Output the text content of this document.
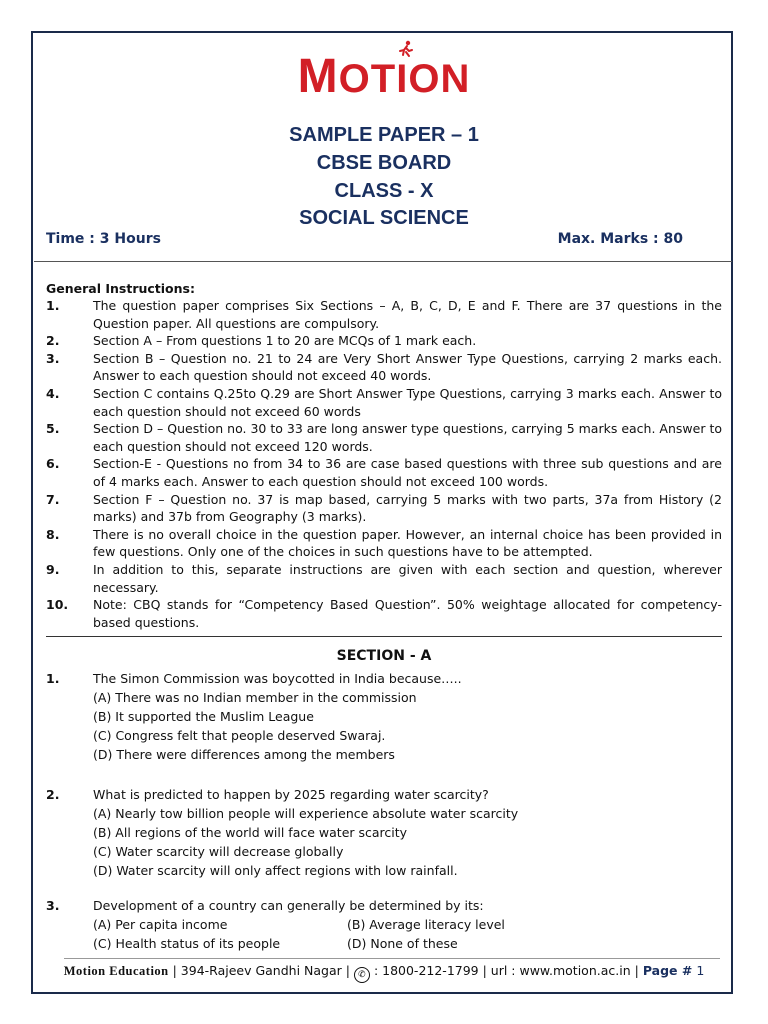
MOT
ION
SAMPLE PAPER – 1
CBSE BOARD
CLASS - X
SOCIAL SCIENCE
Time : 3 Hours	Max. Marks : 80
General Instructions:
1.	The question paper comprises Six Sections – A, B, C, D, E and F. There are 37 questions in the Question paper. All questions are compulsory.
2.	Section A – From questions 1 to 20 are MCQs of 1 mark each.
3.	Section B – Question no. 21 to 24 are Very Short Answer Type Questions, carrying 2 marks each. Answer to each question should not exceed 40 words.
4.	Section C contains Q.25to Q.29 are Short Answer Type Questions, carrying 3 marks each. Answer to each question should not exceed 60 words
5.	Section D – Question no. 30 to 33 are long answer type questions, carrying 5 marks each. Answer to each question should not exceed 120 words.
6.	Section-E - Questions no from 34 to 36 are case based questions with three sub questions and are of 4 marks each. Answer to each question should not exceed 100 words.
7.	Section F – Question no. 37 is map based, carrying 5 marks with two parts, 37a from History (2 marks) and 37b from Geography (3 marks).
8.	There is no overall choice in the question paper. However, an internal choice has been provided in few questions. Only one of the choices in such questions have to be attempted.
9.	In addition to this, separate instructions are given with each section and question, wherever necessary.
10.	Note: CBQ stands for “Competency Based Question”. 50% weightage allocated for competency-based questions.
SECTION - A
1.	The Simon Commission was boycotted in India because…..
(A) There was no Indian member in the commission
(B) It supported the Muslim League
(C) Congress felt that people deserved Swaraj.
(D) There were differences among the members
2.	What is predicted to happen by 2025 regarding water scarcity?
(A) Nearly tow billion people will experience absolute water scarcity
(B) All regions of the world will face water scarcity
(C) Water scarcity will decrease globally
(D) Water scarcity will only affect regions with low rainfall.
3.	Development of a country can generally be determined by its:
(A) Per capita income	(B) Average literacy level
(C) Health status of its people	(D) None of these
Motion Education | 394-Rajeev Gandhi Nagar | ✆ : 1800-212-1799 | url : www.motion.ac.in | Page # 1
